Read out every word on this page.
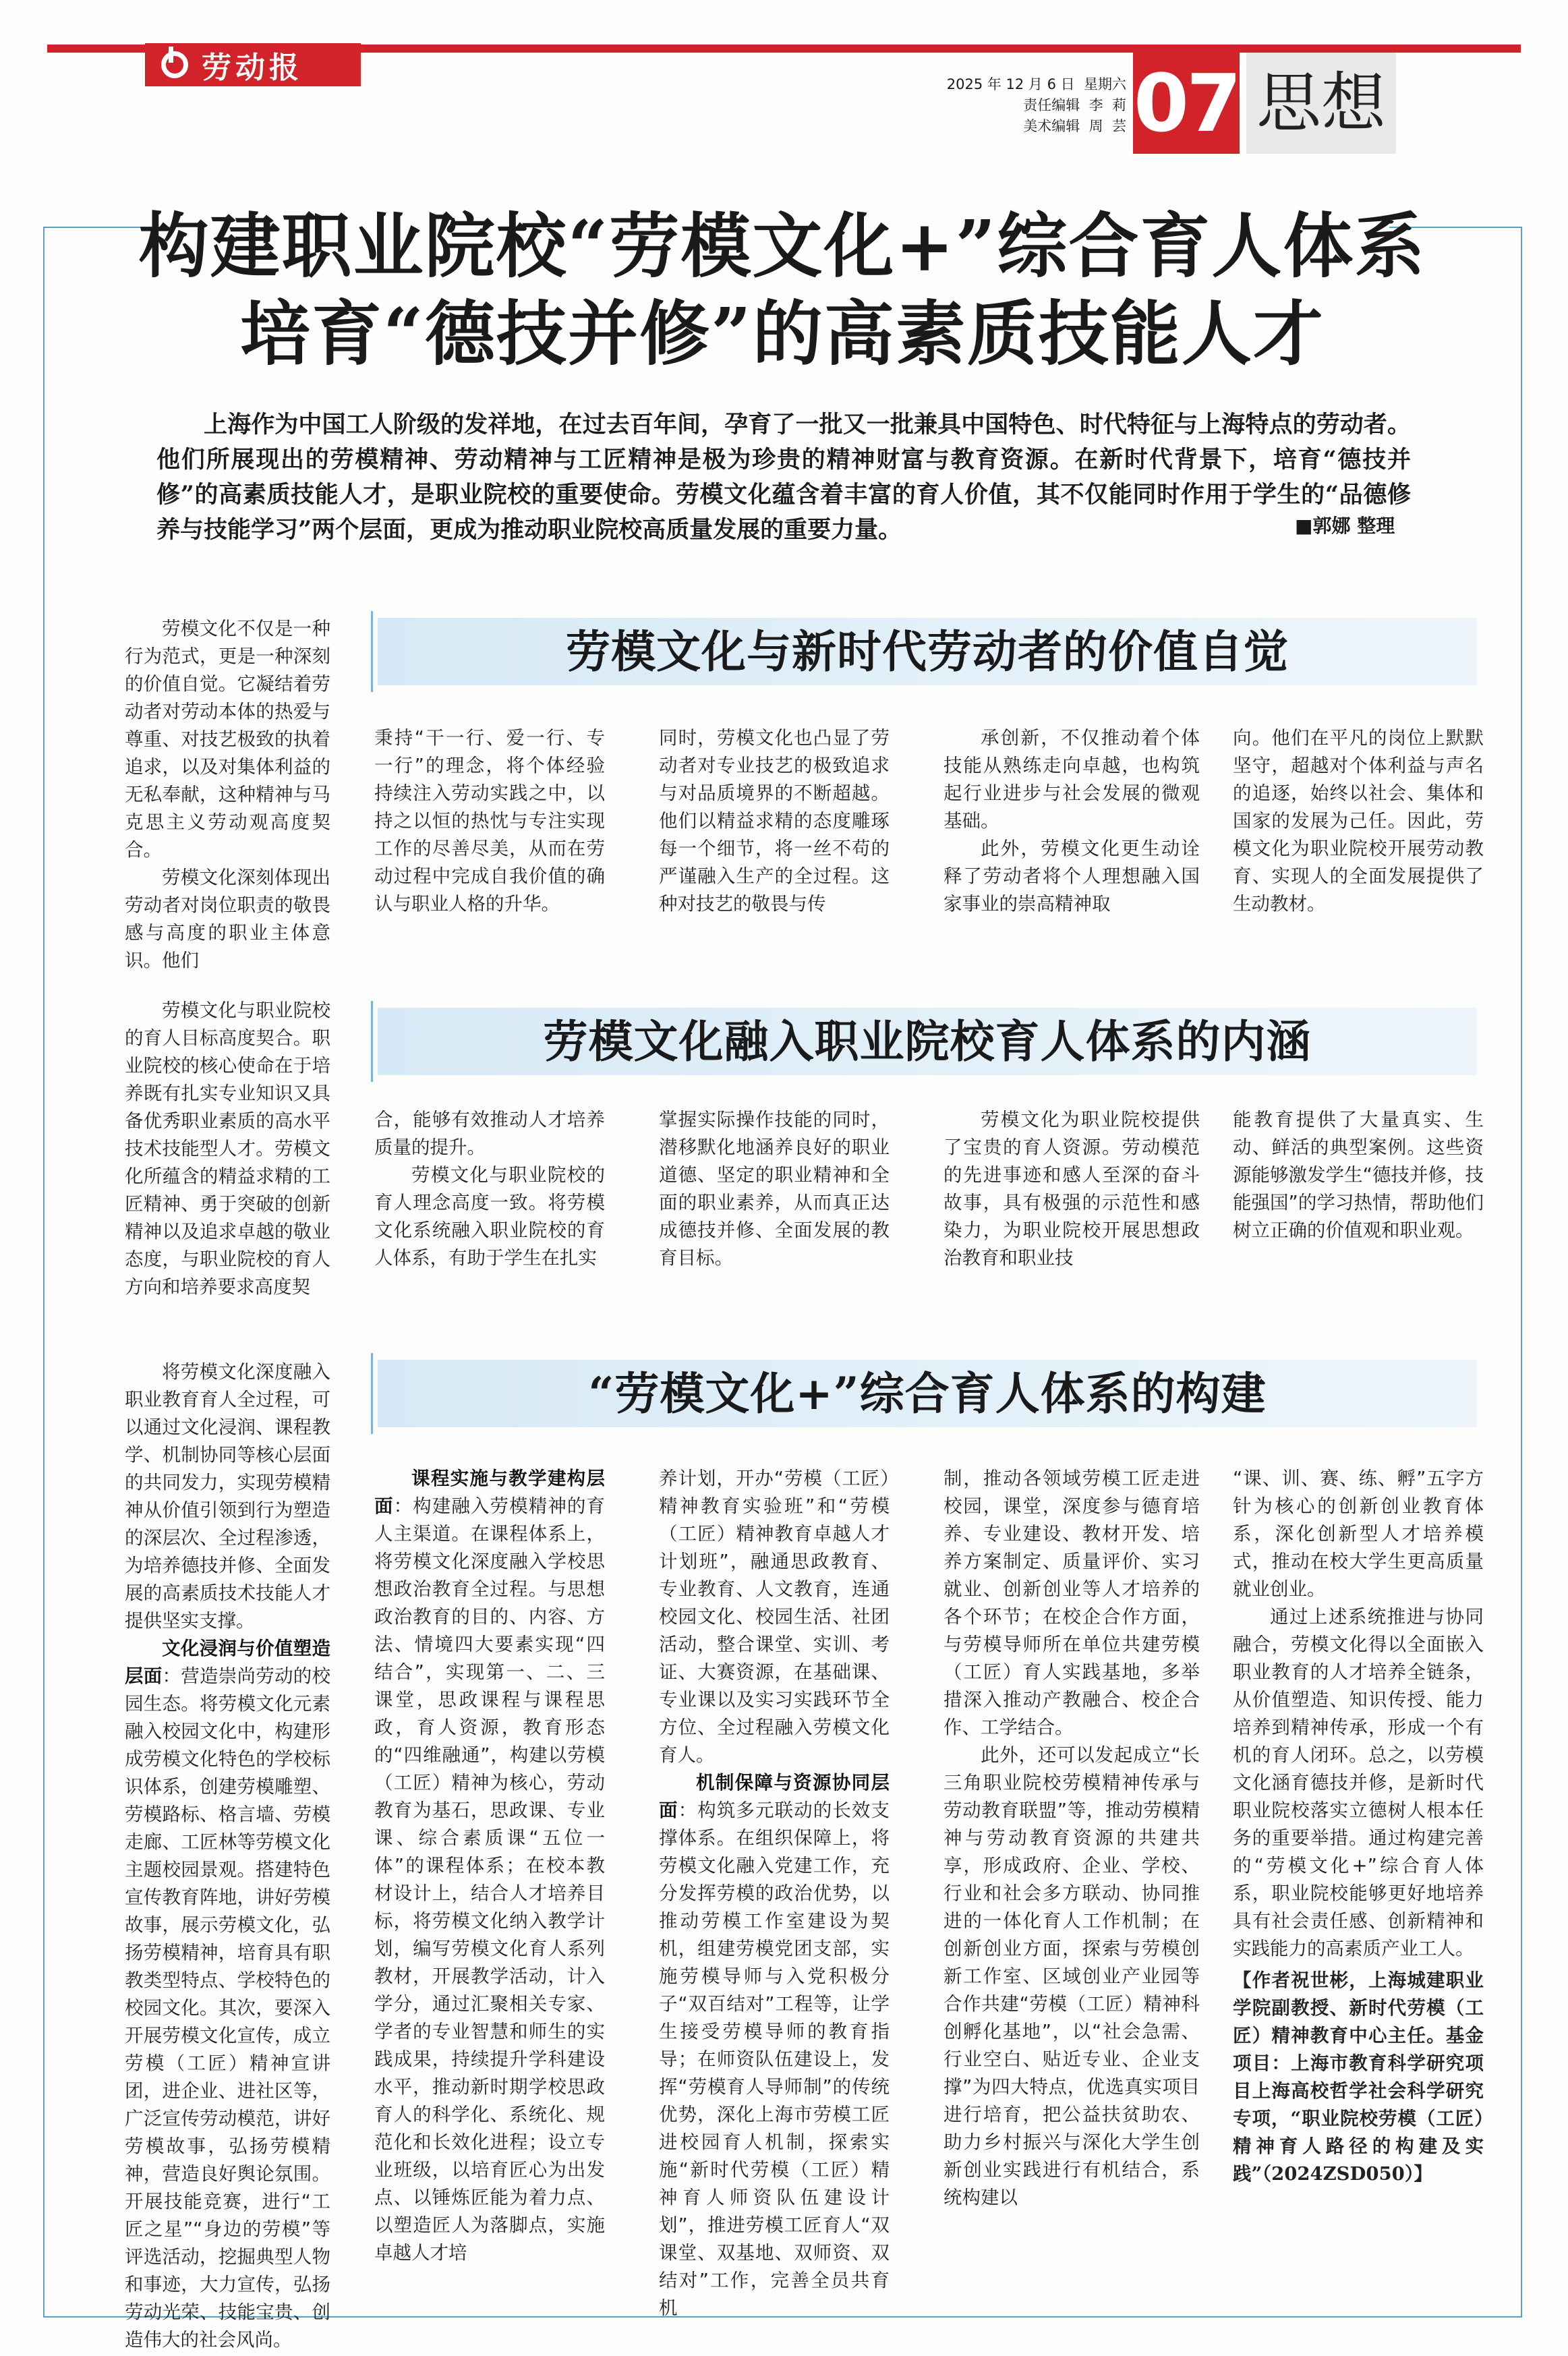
劳动报	2025 年 12 月 6 日  星期六
责任编辑  李  莉
美术编辑  周  芸 07 思想
构建职业院校“劳模文化+”综合育人体系
培育“德技并修”的高素质技能人才
上海作为中国工人阶级的发祥地，在过去百年间，孕育了一批又一批兼具中国特色、时代特征与上海特点的劳动者。他们所展现出的劳模精神、劳动精神与工匠精神是极为珍贵的精神财富与教育资源。在新时代背景下，培育“德技并修”的高素质技能人才，是职业院校的重要使命。劳模文化蕴含着丰富的育人价值，其不仅能同时作用于学生的“品德修养与技能学习”两个层面，更成为推动职业院校高质量发展的重要力量。	■郭娜 整理
劳模文化与新时代劳动者的价值自觉

劳模文化不仅是一种行为范式，更是一种深刻的价值自觉。它凝结着劳动者对劳动本体的热爱与尊重、对技艺极致的执着追求，以及对集体利益的无私奉献，这种精神与马克思主义劳动观高度契合。

劳模文化深刻体现出劳动者对岗位职责的敬畏感与高度的职业主体意识。他们

秉持“干一行、爱一行、专一行”的理念，将个体经验持续注入劳动实践之中，以持之以恒的热忱与专注实现工作的尽善尽美，从而在劳动过程中完成自我价值的确认与职业人格的升华。

同时，劳模文化也凸显了劳动者对专业技艺的极致追求与对品质境界的不断超越。他们以精益求精的态度雕琢每一个细节，将一丝不苟的严谨融入生产的全过程。这种对技艺的敬畏与传

承创新，不仅推动着个体技能从熟练走向卓越，也构筑起行业进步与社会发展的微观基础。

此外，劳模文化更生动诠释了劳动者将个人理想融入国家事业的崇高精神取

向。他们在平凡的岗位上默默坚守，超越对个体利益与声名的追逐，始终以社会、集体和国家的发展为己任。因此，劳模文化为职业院校开展劳动教育、实现人的全面发展提供了生动教材。

劳模文化融入职业院校育人体系的内涵

劳模文化与职业院校的育人目标高度契合。职业院校的核心使命在于培养既有扎实专业知识又具备优秀职业素质的高水平技术技能型人才。劳模文化所蕴含的精益求精的工匠精神、勇于突破的创新精神以及追求卓越的敬业态度，与职业院校的育人方向和培养要求高度契

合，能够有效推动人才培养质量的提升。

劳模文化与职业院校的育人理念高度一致。将劳模文化系统融入职业院校的育人体系，有助于学生在扎实

掌握实际操作技能的同时，潜移默化地涵养良好的职业道德、坚定的职业精神和全面的职业素养，从而真正达成德技并修、全面发展的教育目标。

劳模文化为职业院校提供了宝贵的育人资源。劳动模范的先进事迹和感人至深的奋斗故事，具有极强的示范性和感染力，为职业院校开展思想政治教育和职业技

能教育提供了大量真实、生动、鲜活的典型案例。这些资源能够激发学生“德技并修，技能强国”的学习热情，帮助他们树立正确的价值观和职业观。

“劳模文化+”综合育人体系的构建

将劳模文化深度融入职业教育育人全过程，可以通过文化浸润、课程教学、机制协同等核心层面的共同发力，实现劳模精神从价值引领到行为塑造的深层次、全过程渗透，为培养德技并修、全面发展的高素质技术技能人才提供坚实支撑。

文化浸润与价值塑造层面：营造崇尚劳动的校园生态。将劳模文化元素融入校园文化中，构建形成劳模文化特色的学校标识体系，创建劳模雕塑、劳模路标、格言墙、劳模走廊、工匠林等劳模文化主题校园景观。搭建特色宣传教育阵地，讲好劳模故事，展示劳模文化，弘扬劳模精神，培育具有职教类型特点、学校特色的校园文化。其次，要深入开展劳模文化宣传，成立劳模（工匠）精神宣讲团，进企业、进社区等，广泛宣传劳动模范，讲好劳模故事，弘扬劳模精神，营造良好舆论氛围。开展技能竞赛，进行“工匠之星”“身边的劳模”等评选活动，挖掘典型人物和事迹，大力宣传，弘扬劳动光荣、技能宝贵、创造伟大的社会风尚。

课程实施与教学建构层面：构建融入劳模精神的育人主渠道。在课程体系上，将劳模文化深度融入学校思想政治教育全过程。与思想政治教育的目的、内容、方法、情境四大要素实现“四结合”，实现第一、二、三课堂，思政课程与课程思政，育人资源，教育形态的“四维融通”，构建以劳模（工匠）精神为核心，劳动教育为基石，思政课、专业课、综合素质课“五位一体”的课程体系；在校本教材设计上，结合人才培养目标，将劳模文化纳入教学计划，编写劳模文化育人系列教材，开展教学活动，计入学分，通过汇聚相关专家、学者的专业智慧和师生的实践成果，持续提升学科建设水平，推动新时期学校思政育人的科学化、系统化、规范化和长效化进程；设立专业班级，以培育匠心为出发点、以锤炼匠能为着力点、以塑造匠人为落脚点，实施卓越人才培

养计划，开办“劳模（工匠）精神教育实验班”和“劳模（工匠）精神教育卓越人才计划班”，融通思政教育、专业教育、人文教育，连通校园文化、校园生活、社团活动，整合课堂、实训、考证、大赛资源，在基础课、专业课以及实习实践环节全方位、全过程融入劳模文化育人。

机制保障与资源协同层面：构筑多元联动的长效支撑体系。在组织保障上，将劳模文化融入党建工作，充分发挥劳模的政治优势，以推动劳模工作室建设为契机，组建劳模党团支部，实施劳模导师与入党积极分子“双百结对”工程等，让学生接受劳模导师的教育指导；在师资队伍建设上，发挥“劳模育人导师制”的传统优势，深化上海市劳模工匠进校园育人机制，探索实施“新时代劳模（工匠）精神育人师资队伍建设计划”，推进劳模工匠育人“双课堂、双基地、双师资、双结对”工作，完善全员共育机

制，推动各领域劳模工匠走进校园，课堂，深度参与德育培养、专业建设、教材开发、培养方案制定、质量评价、实习就业、创新创业等人才培养的各个环节；在校企合作方面，与劳模导师所在单位共建劳模（工匠）育人实践基地，多举措深入推动产教融合、校企合作、工学结合。

此外，还可以发起成立“长三角职业院校劳模精神传承与劳动教育联盟”等，推动劳模精神与劳动教育资源的共建共享，形成政府、企业、学校、行业和社会多方联动、协同推进的一体化育人工作机制；在创新创业方面，探索与劳模创新工作室、区域创业产业园等合作共建“劳模（工匠）精神科创孵化基地”，以“社会急需、行业空白、贴近专业、企业支撑”为四大特点，优选真实项目进行培育，把公益扶贫助农、助力乡村振兴与深化大学生创新创业实践进行有机结合，系统构建以

“课、训、赛、练、孵”五字方针为核心的创新创业教育体系，深化创新型人才培养模式，推动在校大学生更高质量就业创业。

通过上述系统推进与协同融合，劳模文化得以全面嵌入职业教育的人才培养全链条，从价值塑造、知识传授、能力培养到精神传承，形成一个有机的育人闭环。总之，以劳模文化涵育德技并修，是新时代职业院校落实立德树人根本任务的重要举措。通过构建完善的“劳模文化+”综合育人体系，职业院校能够更好地培养具有社会责任感、创新精神和实践能力的高素质产业工人。

【作者祝世彬，上海城建职业学院副教授、新时代劳模（工匠）精神教育中心主任。基金项目：上海市教育科学研究项目上海高校哲学社会科学研究专项，“职业院校劳模（工匠）精神育人路径的构建及实践”（2024ZSD050）】
